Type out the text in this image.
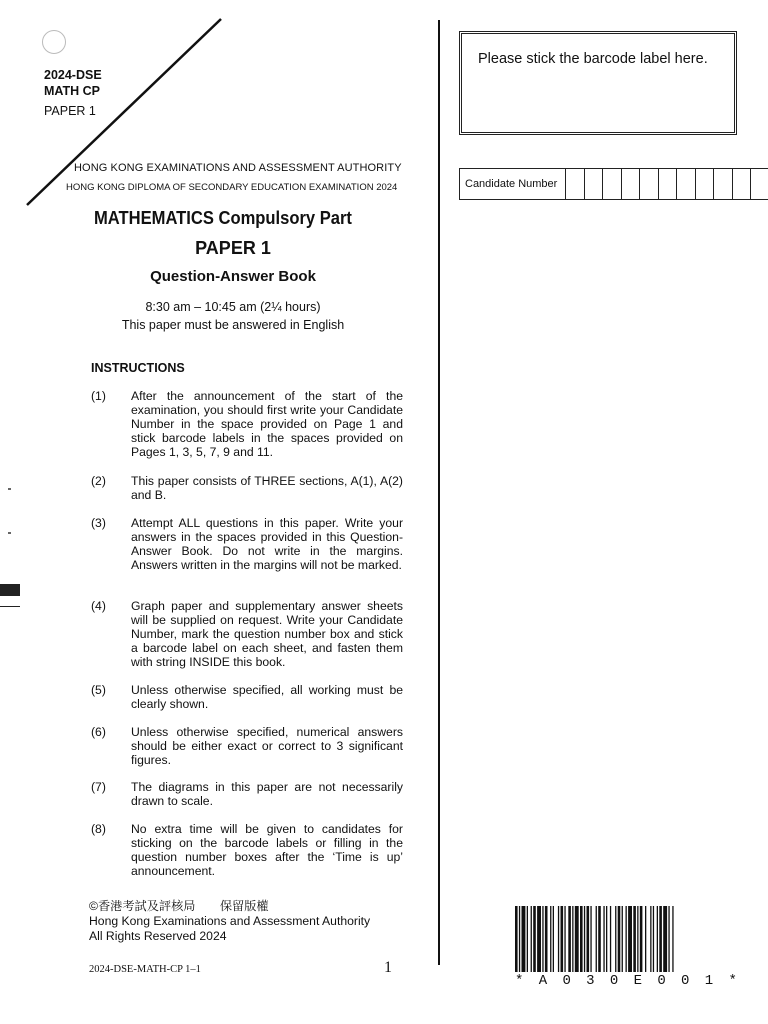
2024-DSE
MATH CP
PAPER 1
HONG KONG EXAMINATIONS AND ASSESSMENT AUTHORITY
HONG KONG DIPLOMA OF SECONDARY EDUCATION EXAMINATION 2024
MATHEMATICS Compulsory Part
PAPER 1
Question-Answer Book
8:30 am – 10:45 am (2¼ hours)
This paper must be answered in English
INSTRUCTIONS
(1)	After the announcement of the start of the examination, you should first write your Candidate Number in the space provided on Page 1 and stick barcode labels in the spaces provided on Pages 1, 3, 5, 7, 9 and 11.
(2)	This paper consists of THREE sections, A(1), A(2) and B.
(3)	Attempt ALL questions in this paper. Write your answers in the spaces provided in this Question-Answer Book. Do not write in the margins. Answers written in the margins will not be marked.
(4)	Graph paper and supplementary answer sheets will be supplied on request. Write your Candidate Number, mark the question number box and stick a barcode label on each sheet, and fasten them with string INSIDE this book.
(5)	Unless otherwise specified, all working must be clearly shown.
(6)	Unless otherwise specified, numerical answers should be either exact or correct to 3 significant figures.
(7)	The diagrams in this paper are not necessarily drawn to scale.
(8)	No extra time will be given to candidates for sticking on the barcode labels or filling in the question number boxes after the ‘Time is up’ announcement.
Please stick the barcode label here.
Candidate Number
©香港考試及評核局　　保留版權
Hong Kong Examinations and Assessment Authority
All Rights Reserved 2024
2024-DSE-MATH-CP 1–1	1
* A 0 3 0 E 0 0 1 *
